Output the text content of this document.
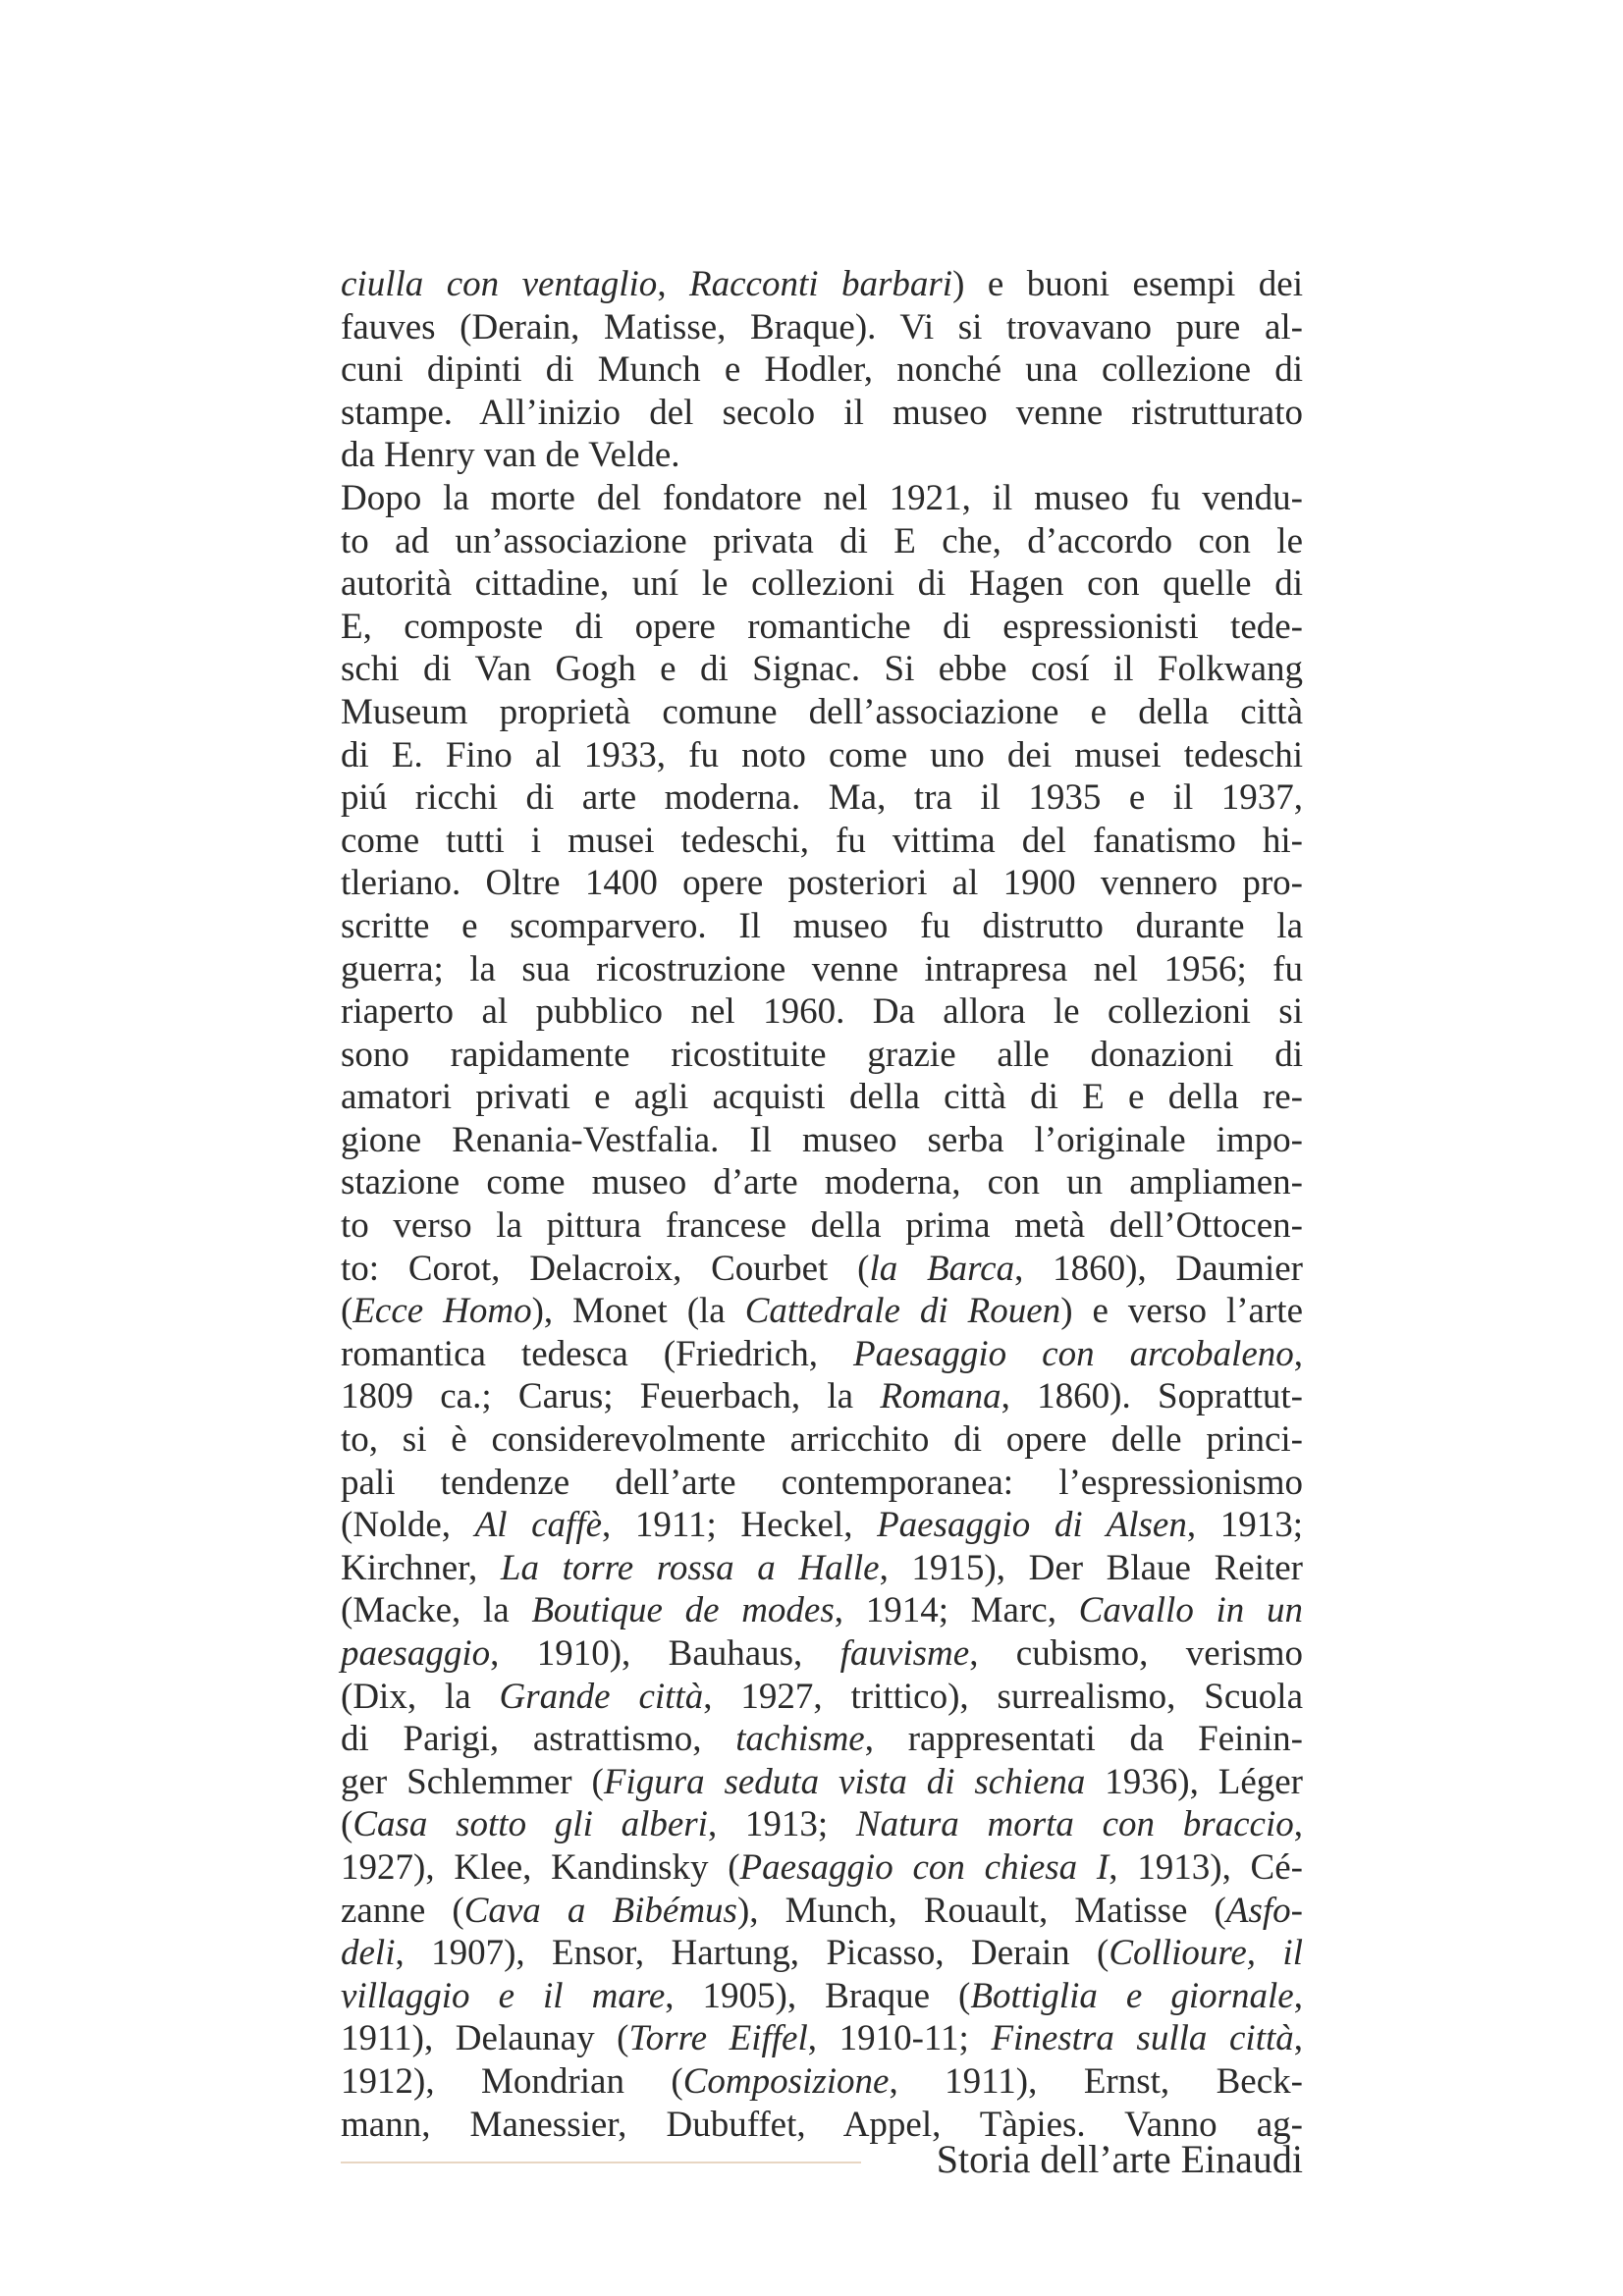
ciulla con ventaglio, Racconti barbari) e buoni esempi dei
fauves (Derain, Matisse, Braque). Vi si trovavano pure al-
cuni dipinti di Munch e Hodler, nonché una collezione di
stampe. All’inizio del secolo il museo venne ristrutturato
da Henry van de Velde.
Dopo la morte del fondatore nel 1921, il museo fu vendu-
to ad un’associazione privata di E che, d’accordo con le
autorità cittadine, uní le collezioni di Hagen con quelle di
E, composte di opere romantiche di espressionisti tede-
schi di Van Gogh e di Signac. Si ebbe cosí il Folkwang
Museum proprietà comune dell’associazione e della città
di E. Fino al 1933, fu noto come uno dei musei tedeschi
piú ricchi di arte moderna. Ma, tra il 1935 e il 1937,
come tutti i musei tedeschi, fu vittima del fanatismo hi-
tleriano. Oltre 1400 opere posteriori al 1900 vennero pro-
scritte e scomparvero. Il museo fu distrutto durante la
guerra; la sua ricostruzione venne intrapresa nel 1956; fu
riaperto al pubblico nel 1960. Da allora le collezioni si
sono rapidamente ricostituite grazie alle donazioni di
amatori privati e agli acquisti della città di E e della re-
gione Renania-Vestfalia. Il museo serba l’originale impo-
stazione come museo d’arte moderna, con un ampliamen-
to verso la pittura francese della prima metà dell’Ottocen-
to: Corot, Delacroix, Courbet (la Barca, 1860), Daumier
(Ecce Homo), Monet (la Cattedrale di Rouen) e verso l’arte
romantica tedesca (Friedrich, Paesaggio con arcobaleno,
1809 ca.; Carus; Feuerbach, la Romana, 1860). Soprattut-
to, si è considerevolmente arricchito di opere delle princi-
pali tendenze dell’arte contemporanea: l’espressionismo
(Nolde, Al caffè, 1911; Heckel, Paesaggio di Alsen, 1913;
Kirchner, La torre rossa a Halle, 1915), Der Blaue Reiter
(Macke, la Boutique de modes, 1914; Marc, Cavallo in un
paesaggio, 1910), Bauhaus, fauvisme, cubismo, verismo
(Dix, la Grande città, 1927, trittico), surrealismo, Scuola
di Parigi, astrattismo, tachisme, rappresentati da Feinin-
ger Schlemmer (Figura seduta vista di schiena 1936), Léger
(Casa sotto gli alberi, 1913; Natura morta con braccio,
1927), Klee, Kandinsky (Paesaggio con chiesa I, 1913), Cé-
zanne (Cava a Bibémus), Munch, Rouault, Matisse (Asfo-
deli, 1907), Ensor, Hartung, Picasso, Derain (Collioure, il
villaggio e il mare, 1905), Braque (Bottiglia e giornale,
1911), Delaunay (Torre Eiffel, 1910-11; Finestra sulla città,
1912), Mondrian (Composizione, 1911), Ernst, Beck-
mann, Manessier, Dubuffet, Appel, Tàpies. Vanno ag-
Storia dell’arte Einaudi
